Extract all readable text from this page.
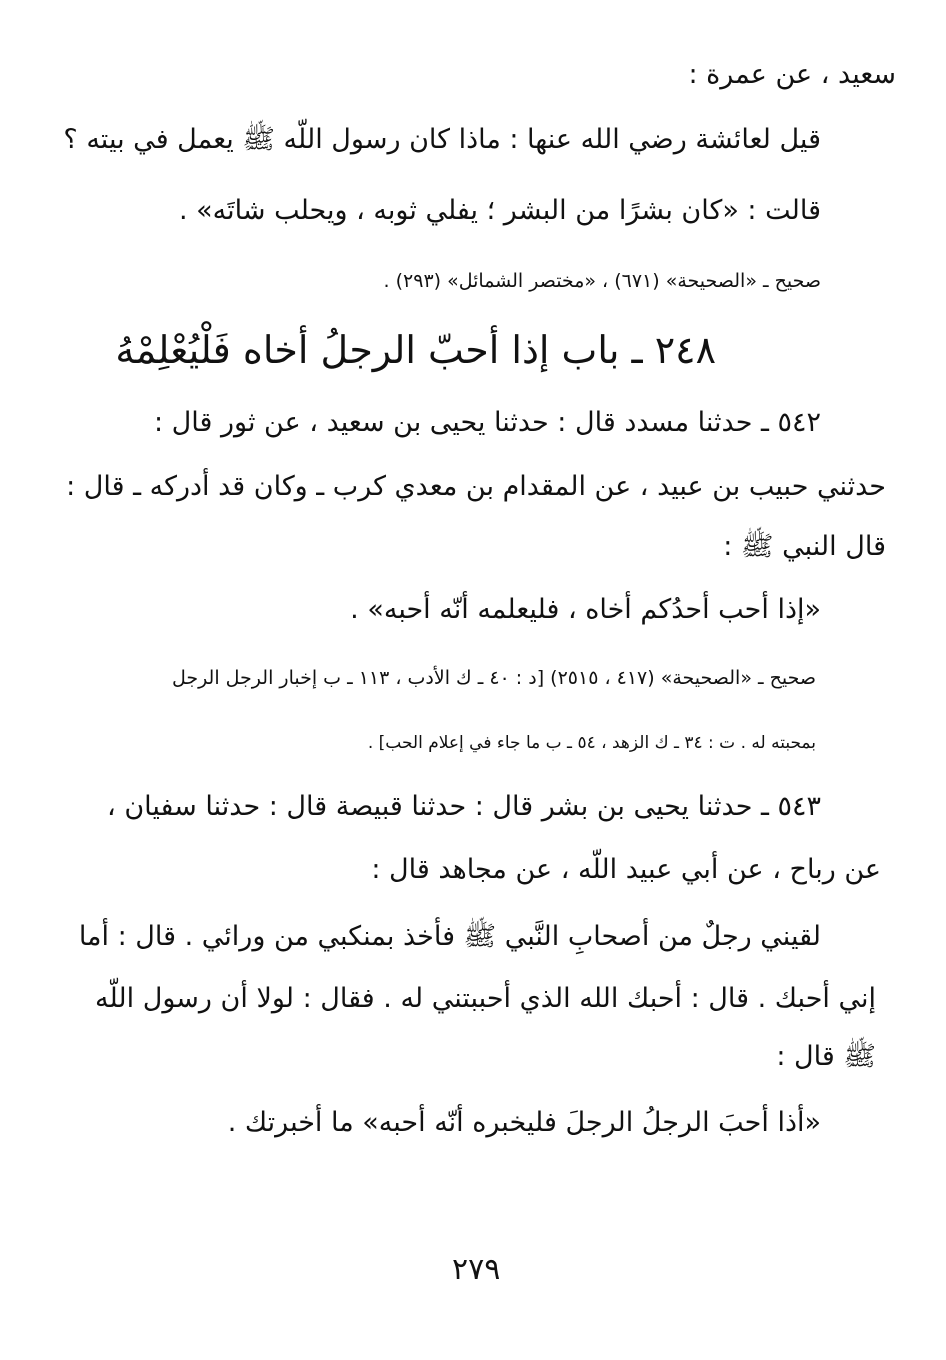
سعيد ، عن عمرة :
قيل لعائشة رضي الله عنها : ماذا كان رسول اللّه ﷺ يعمل في بيته ؟
قالت : «كان بشرًا من البشر ؛ يفلي ثوبه ، ويحلب شاتَه» .
صحيح ـ «الصحيحة» (٦٧١) ، «مختصر الشمائل» (٢٩٣) .
٢٤٨ ـ باب إذا أحبّ الرجلُ أخاه فَلْيُعْلِمْهُ
٥٤٢ ـ حدثنا مسدد قال : حدثنا يحيى بن سعيد ، عن ثور قال :
حدثني حبيب بن عبيد ، عن المقدام بن معدي كرب ـ وكان قد أدركه ـ قال :
قال النبي ﷺ :
«إذا أحب أحدُكم أخاه ، فليعلمه أنّه أحبه» .
صحيح ـ «الصحيحة» (٤١٧ ، ٢٥١٥) [د : ٤٠ ـ ك الأدب ، ١١٣ ـ ب إخبار الرجل الرجل
بمحبته له . ت : ٣٤ ـ ك الزهد ، ٥٤ ـ ب ما جاء في إعلام الحب] .
٥٤٣ ـ حدثنا يحيى بن بشر قال : حدثنا قبيصة قال : حدثنا سفيان ،
عن رباح ، عن أبي عبيد اللّه ، عن مجاهد قال :
لقيني رجلٌ من أصحابِ النَّبي ﷺ فأخذ بمنكبي من ورائي . قال : أما
إني أحبك . قال : أحبك الله الذي أحببتني له . فقال : لولا أن رسول اللّه
ﷺ قال :
«أذا أحبَ الرجلُ الرجلَ فليخبره أنّه أحبه» ما أخبرتك .
٢٧٩
